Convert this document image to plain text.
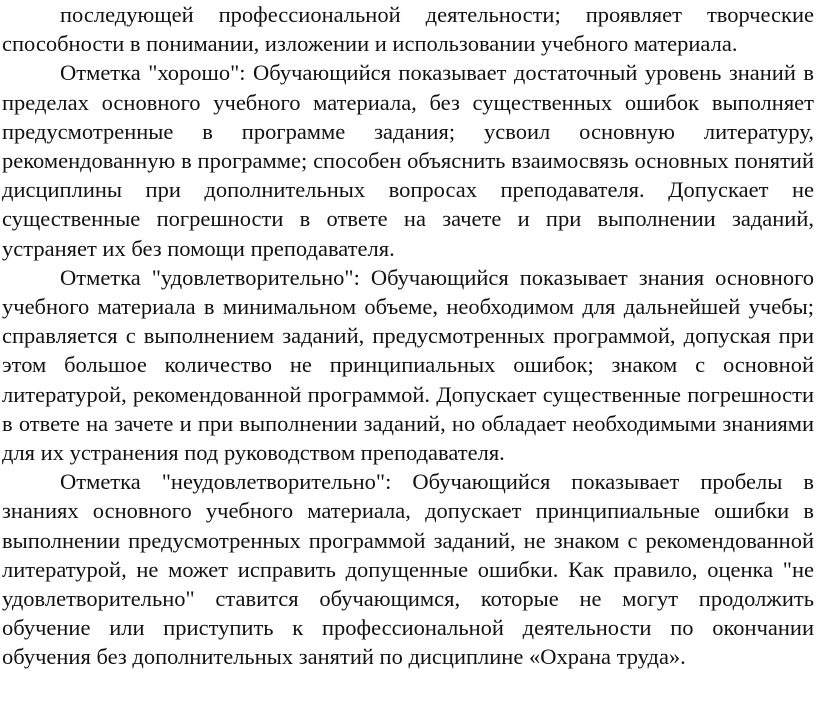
последующей профессиональной деятельности; проявляет творческие способности в понимании, изложении и использовании учебного материала.

Отметка "хорошо": Обучающийся показывает достаточный уровень знаний в пределах основного учебного материала, без существенных ошибок выполняет предусмотренные в программе задания; усвоил основную литературу, рекомендованную в программе; способен объяснить взаимосвязь основных понятий дисциплины при дополнительных вопросах преподавателя. Допускает не существенные погрешности в ответе на зачете и при выполнении заданий, устраняет их без помощи преподавателя.

Отметка "удовлетворительно": Обучающийся показывает знания основного учебного материала в минимальном объеме, необходимом для дальнейшей учебы; справляется с выполнением заданий, предусмотренных программой, допуская при этом большое количество не принципиальных ошибок; знаком с основной литературой, рекомендованной программой. Допускает существенные погрешности в ответе на зачете и при выполнении заданий, но обладает необходимыми знаниями для их устранения под руководством преподавателя.

Отметка "неудовлетворительно": Обучающийся показывает пробелы в знаниях основного учебного материала, допускает принципиальные ошибки в выполнении предусмотренных программой заданий, не знаком с рекомендованной литературой, не может исправить допущенные ошибки. Как правило, оценка "не удовлетворительно" ставится обучающимся, которые не могут продолжить обучение или приступить к профессиональной деятельности по окончании обучения без дополнительных занятий по дисциплине «Охрана труда».
